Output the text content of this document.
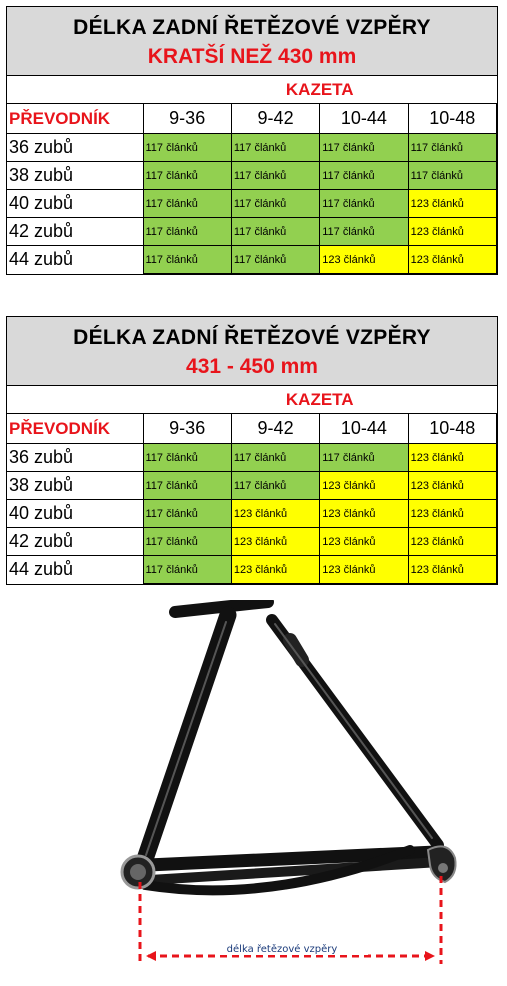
DÉLKA ZADNÍ ŘETĚZOVÉ VZPĚRY
KRATŠÍ NEŽ 430 mm
	KAZETA			
PŘEVODNÍK	9-36	9-42	10-44	10-48
36 zubů	117 článků	117 článků	117 článků	117 článků
38 zubů	117 článků	117 článků	117 článků	117 článků
40 zubů	117 článků	117 článků	117 článků	123 článků
42 zubů	117 článků	117 článků	117 článků	123 článků
44 zubů	117 článků	117 článků	123 článků	123 článků
DÉLKA ZADNÍ ŘETĚZOVÉ VZPĚRY
431 - 450 mm
	KAZETA			
PŘEVODNÍK	9-36	9-42	10-44	10-48
36 zubů	117 článků	117 článků	117 článků	123 článků
38 zubů	117 článků	117 článků	123 článků	123 článků
40 zubů	117 článků	123 článků	123 článků	123 článků
42 zubů	117 článků	123 článků	123 článků	123 článků
44 zubů	117 článků	123 článků	123 článků	123 článků
délka řetězové vzpěry
